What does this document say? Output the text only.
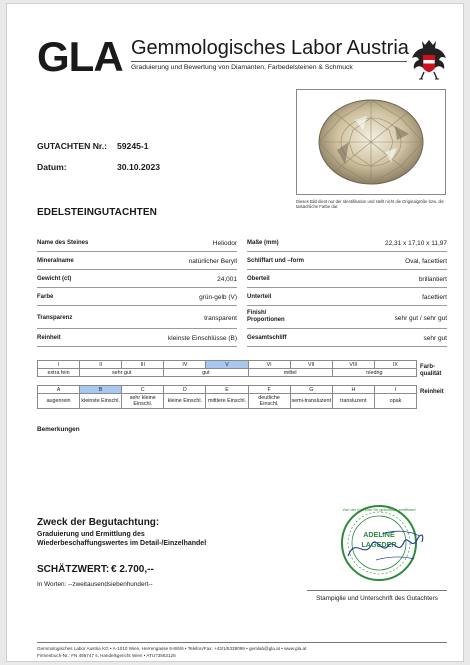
GLA Gemmologisches Labor Austria
Graduierung und Bewertung von Diamanten, Farbedelsteinen & Schmuck
GUTACHTEN Nr.: 59245-1
Datum:	30.10.2023
Dieses Bild dient nur der Identifikation und stellt nicht die Originalgröße bzw. die tatsächliche Farbe dar.
EDELSTEINGUTACHTEN
Name des Steines	Heliodor
Mineralname	natürlicher Beryll
Gewicht (ct)	24,001
Farbe	grün-gelb (V)
Transparenz	transparent
Reinheit	kleinste Einschlüsse (B)
Maße (mm)	22,31 x 17,10 x 11,97
Schliffart und –form	Oval, facettiert
Oberteil	brillantiert
Unterteil	facettiert
Finish/ Proportionen	sehr gut / sehr gut
Gesamtschliff	sehr gut
I	II	III	IV	V	VI	VII	VIII	IX
extra fein	sehr gut		gut		mittel		niedrig	
Farb-qualität
A	B	C	D	E	F	G	H	I
augenrein	kleinste Einschl.	sehr kleine Einschl.	kleine Einschl.	mittlere Einschl.	deutliche Einschl.	semi-transluzent	transluzent	opak
Reinheit
Bemerkungen
Zweck der Begutachtung:
Graduierung und Ermittlung des
Wiederbeschaffungswertes im Detail-/Einzelhandel
SCHÄTZWERT: € 2.700,--
In Worten: --zweitausendsiebenhundert--
Von der Kammer für gerichtlich zertifiziert
ADELINE
LAGEDER
Stampiglie und Unterschrift des Gutachters
Gemmologisches Labor Austria KG • A-1010 Wien, Herrengasse 6-8/6/6 • Telefon/Fax: +43/1/5339099 • gemlab@gla.at • www.gla.at
Firmenbuch-Nr.: FN 495747 s, Handelsgericht Wien • ATU73563128
